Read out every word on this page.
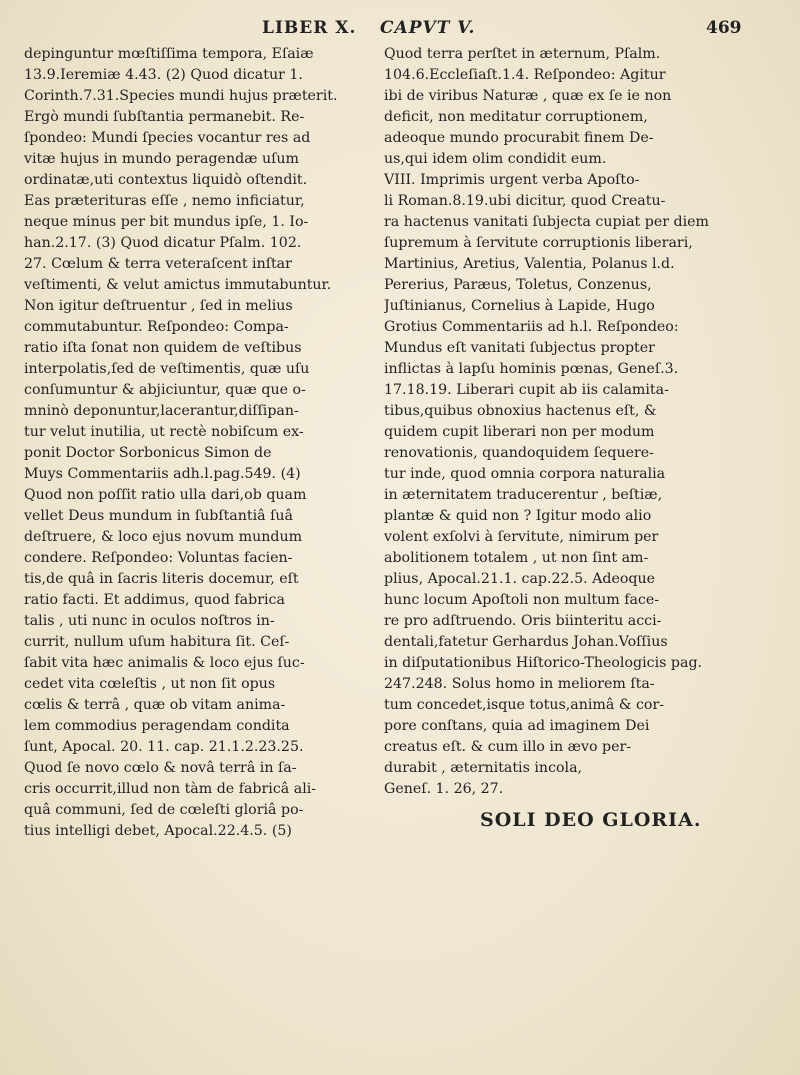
LIBER X. CAPVT V.	469
depinguntur mœſtiſſima tempora, Eſaiæ
13.9.Ieremiæ 4.43. (2) Quod dicatur 1.
Corinth.7.31.Species mundi hujus præterit.
Ergò mundi ſubſtantia permanebit. Re-
ſpondeo: Mundi ſpecies vocantur res ad
vitæ hujus in mundo peragendæ uſum
ordinatæ,uti contextus liquidò oſtendit.
Eas præterituras eſſe , nemo inficiatur,
neque minus per bit mundus ipſe, 1. Io-
han.2.17. (3) Quod dicatur Pſalm. 102.
27. Cœlum & terra veteraſcent inſtar
veſtimenti, & velut amictus immutabuntur.
Non igitur deſtruentur , ſed in melius
commutabuntur. Reſpondeo: Compa-
ratio iſta ſonat non quidem de veſtibus
interpolatis,ſed de veſtimentis, quæ uſu
conſumuntur & abjiciuntur, quæ que o-
mninò deponuntur,lacerantur,diſſipan-
tur velut inutilia, ut rectè nobiſcum ex-
ponit Doctor Sorbonicus Simon de
Muys Commentariis adh.l.pag.549. (4)
Quod non poſſit ratio ulla dari,ob quam
vellet Deus mundum in ſubſtantiâ ſuâ
deſtruere, & loco ejus novum mundum
condere. Reſpondeo: Voluntas facien-
tis,de quâ in ſacris literis docemur, eſt
ratio facti. Et addimus, quod fabrica
talis , uti nunc in oculos noſtros in-
currit, nullum uſum habitura ſit. Ceſ-
ſabit vita hæc animalis & loco ejus ſuc-
cedet vita cœleſtis , ut non ſit opus
cœlis & terrâ , quæ ob vitam anima-
lem commodius peragendam condita
ſunt, Apocal. 20. 11. cap. 21.1.2.23.25.
Quod ſe novo cœlo & novâ terrâ in ſa-
cris occurrit,illud non tàm de fabricâ ali-
quâ communi, ſed de cœleſti gloriâ po-
tius intelligi debet, Apocal.22.4.5. (5)
Quod terra perſtet in æternum, Pſalm.
104.6.Eccleſiaſt.1.4. Reſpondeo: Agitur
ibi de viribus Naturæ , quæ ex ſe ie non
deficit, non meditatur corruptionem,
adeoque mundo procurabit finem De-
us,qui idem olim condidit eum.
VIII. Imprimis urgent verba Apoſto-
li Roman.8.19.ubi dicitur, quod Creatu-
ra hactenus vanitati ſubjecta cupiat per diem
ſupremum à ſervitute corruptionis liberari,
Martinius, Aretius, Valentia, Polanus l.d.
Pererius, Paræus, Toletus, Conzenus,
Juſtinianus, Cornelius à Lapide, Hugo
Grotius Commentariis ad h.l. Reſpondeo:
Mundus eſt vanitati ſubjectus propter
inflictas à lapſu hominis pœnas, Geneſ.3.
17.18.19. Liberari cupit ab iis calamita-
tibus,quibus obnoxius hactenus eſt, &
quidem cupit liberari non per modum
renovationis, quandoquidem ſequere-
tur inde, quod omnia corpora naturalia
in æternitatem traducerentur , beſtiæ,
plantæ & quid non ? Igitur modo alio
volent exſolvi à ſervitute, nimirum per
abolitionem totalem , ut non ſint am-
plius, Apocal.21.1. cap.22.5. Adeoque
hunc locum Apoſtoli non multum face-
re pro adſtruendo. Oris biinteritu acci-
dentali,fatetur Gerhardus Johan.Voſſius
in diſputationibus Hiſtorico-Theologicis pag.
247.248. Solus homo in meliorem ſta-
tum concedet,isque totus,animâ & cor-
pore conſtans, quia ad imaginem Dei
creatus eſt. & cum illo in ævo per-
durabit , æternitatis incola,
Geneſ. 1. 26, 27.
SOLI DEO GLORIA.
